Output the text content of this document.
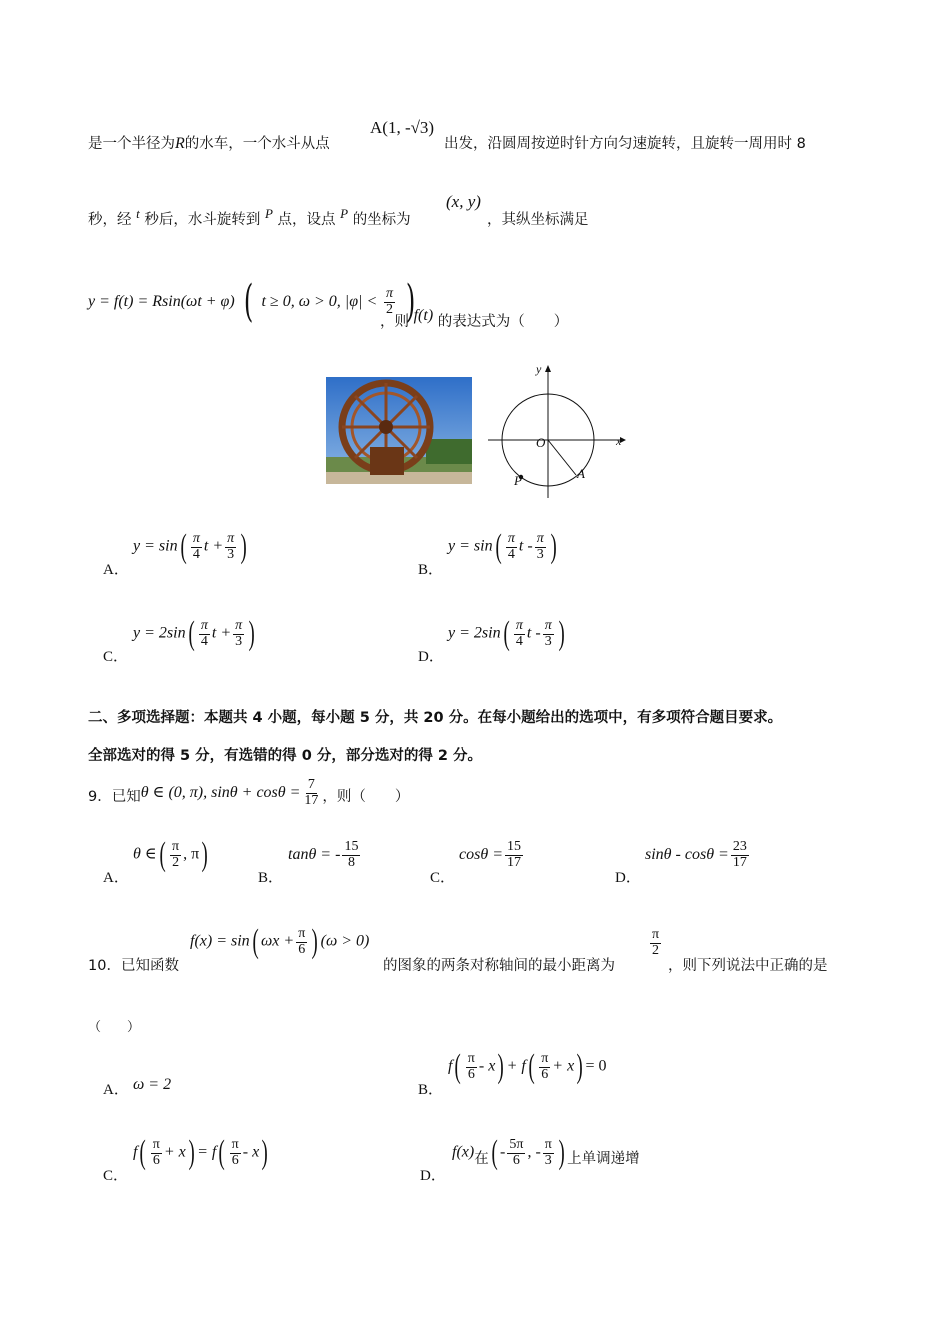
是一个半径为R的水车，一个水斗从点
A(1, -√3)
出发，沿圆周按逆时针方向匀速旋转，且旋转一周用时 8
秒，经 t 秒后，水斗旋转到 P 点，设点 P 的坐标为
(x, y)
，其纵坐标满足
y = f(t) = Rsin(ωt + φ) ( t ≥ 0, ω > 0, $|\varphi| < \frac{\pi}{2}$ )
，则 f(t) 的表达式为（　　）
y
x
O
A
P
A．
$y = \sin( \frac{\pi}{4}$ $t + \frac{\pi}{3}$ )
B．
$y = \sin( \frac{\pi}{4}$ t - $\frac{\pi}{3}$ )
C．
$y = 2\sin( \frac{\pi}{4}$ $t + \frac{\pi}{3}$ )
D．
$y = 2\sin( \frac{\pi}{4}$ t - $\frac{\pi}{3}$ )
二、多项选择题：本题共 4 小题，每小题 5 分，共 20 分。在每小题给出的选项中，有多项符合题目要求。
全部选对的得 5 分，有选错的得 0 分，部分选对的得 2 分。
9．已知θ ∈ (0, π), $\sin\theta + \cos\theta = \frac{7}{17}$ ，则（　　）
A．
θ ∈( $\frac{\pi}{2}$ , π)
B．
tanθ = - $\frac{15}{8}$
C．
$\cos\theta = \frac{15}{17}$
D．
$\sin\theta - \cos\theta = \frac{23}{17}$
10．已知函数
f(x) = sin( $\omega x + \frac{\pi}{6}$ ) (ω > 0)
的图象的两条对称轴间的最小距离为
$\frac{\pi}{2}$
，则下列说法中正确的是
（　　）
A． ω = 2	B．
$f( \frac{\pi}{6} - x) + f( \frac{\pi}{6} + x) = 0$
C．
$f( \frac{\pi}{6} + x) = f( \frac{\pi}{6} - x)$
D．
f(x)在( - $\frac{5\pi}{6}$ , - $\frac{\pi}{3}$ ) 上单调递增
